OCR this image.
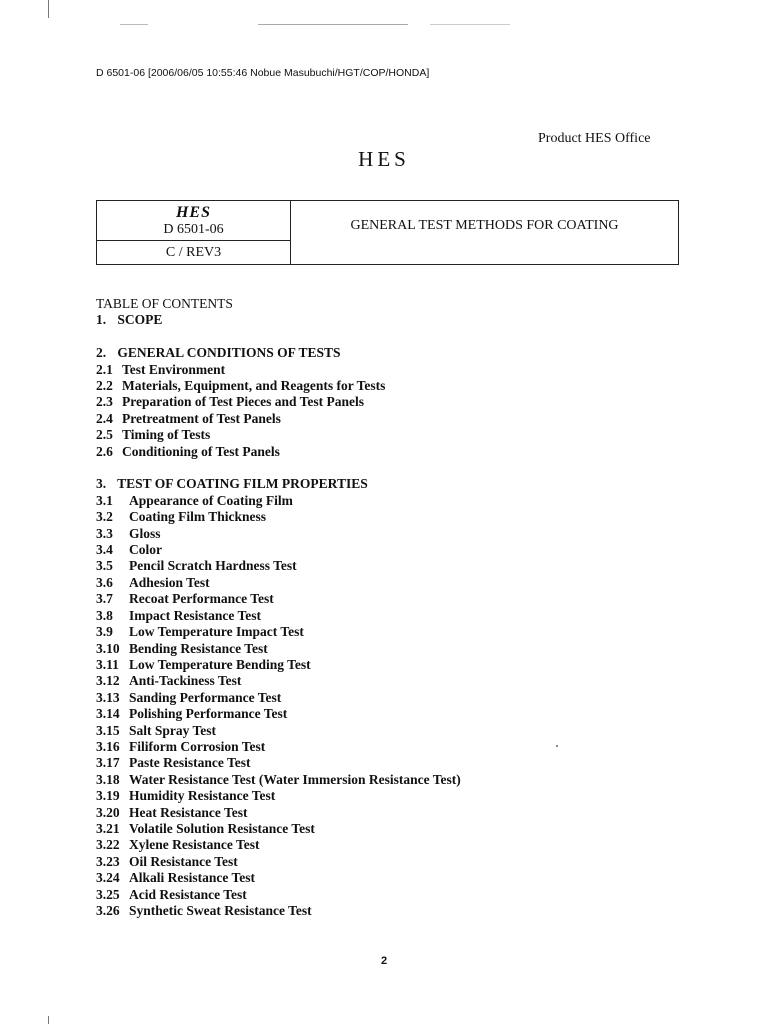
D 6501-06 [2006/06/05 10:55:46 Nobue Masubuchi/HGT/COP/HONDA]
Product HES Office
HES
HES
D 6501-06
C / REV3
GENERAL TEST METHODS FOR COATING
TABLE OF CONTENTS
1. SCOPE
2. GENERAL CONDITIONS OF TESTS
2.1 Test Environment
2.2 Materials, Equipment, and Reagents for Tests
2.3 Preparation of Test Pieces and Test Panels
2.4 Pretreatment of Test Panels
2.5 Timing of Tests
2.6 Conditioning of Test Panels
3. TEST OF COATING FILM PROPERTIES
3.1 Appearance of Coating Film
3.2 Coating Film Thickness
3.3 Gloss
3.4 Color
3.5 Pencil Scratch Hardness Test
3.6 Adhesion Test
3.7 Recoat Performance Test
3.8 Impact Resistance Test
3.9 Low Temperature Impact Test
3.10 Bending Resistance Test
3.11 Low Temperature Bending Test
3.12 Anti-Tackiness Test
3.13 Sanding Performance Test
3.14 Polishing Performance Test
3.15 Salt Spray Test
3.16 Filiform Corrosion Test
3.17 Paste Resistance Test
3.18 Water Resistance Test (Water Immersion Resistance Test)
3.19 Humidity Resistance Test
3.20 Heat Resistance Test
3.21 Volatile Solution Resistance Test
3.22 Xylene Resistance Test
3.23 Oil Resistance Test
3.24 Alkali Resistance Test
3.25 Acid Resistance Test
3.26 Synthetic Sweat Resistance Test
2
